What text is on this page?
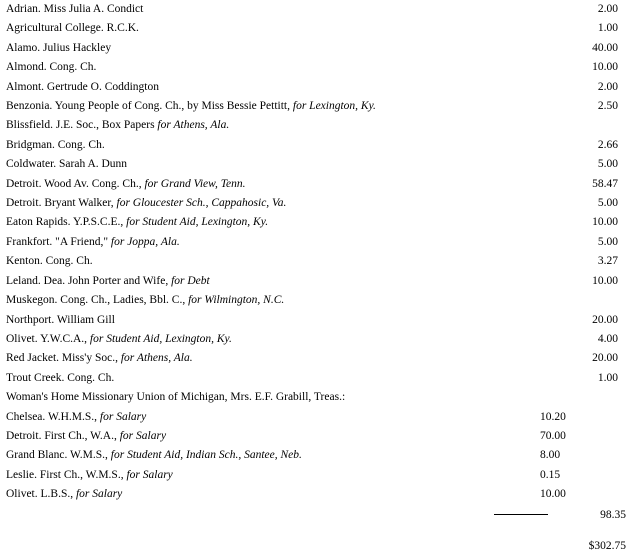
Adrian. Miss Julia A. Condict	2.00
Agricultural College. R.C.K.	1.00
Alamo. Julius Hackley	40.00
Almond. Cong. Ch.	10.00
Almont. Gertrude O. Coddington	2.00
Benzonia. Young People of Cong. Ch., by Miss Bessie Pettitt, for Lexington, Ky.	2.50
Blissfield. J.E. Soc., Box Papers for Athens, Ala.	
Bridgman. Cong. Ch.	2.66
Coldwater. Sarah A. Dunn	5.00
Detroit. Wood Av. Cong. Ch., for Grand View, Tenn.	58.47
Detroit. Bryant Walker, for Gloucester Sch., Cappahosic, Va.	5.00
Eaton Rapids. Y.P.S.C.E., for Student Aid, Lexington, Ky.	10.00
Frankfort. "A Friend," for Joppa, Ala.	5.00
Kenton. Cong. Ch.	3.27
Leland. Dea. John Porter and Wife, for Debt	10.00
Muskegon. Cong. Ch., Ladies, Bbl. C., for Wilmington, N.C.	
Northport. William Gill	20.00
Olivet. Y.W.C.A., for Student Aid, Lexington, Ky.	4.00
Red Jacket. Miss'y Soc., for Athens, Ala.	20.00
Trout Creek. Cong. Ch.	1.00
Woman's Home Missionary Union of Michigan, Mrs. E.F. Grabill, Treas.:	
Chelsea. W.H.M.S., for Salary	10.20
Detroit. First Ch., W.A., for Salary	70.00
Grand Blanc. W.M.S., for Student Aid, Indian Sch., Santee, Neb.	8.00
Leslie. First Ch., W.M.S., for Salary	0.15
Olivet. L.B.S., for Salary	10.00

		98.35
		$302.75
